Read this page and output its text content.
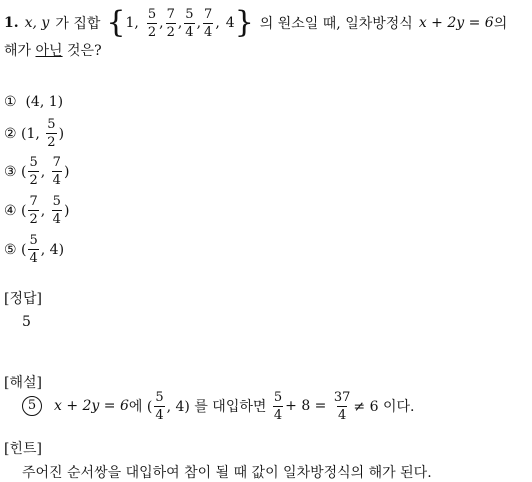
1. x, y 가 집합 { 1, $\frac{5}{2}$ , $\frac{7}{2}$ , $\frac{5}{4}$ , $\frac{7}{4}$ , 4 } 의 원소일 때, 일차방정식 x + 2y = 6 의
해가 아닌 것은?
① (4, 1)
②
(1,
$\frac{5}{2}$ )
③
( $\frac{5}{2}$ ,
$\frac{7}{4}$ )
④
( $\frac{7}{2}$ ,
$\frac{5}{4}$ )
⑤
( $\frac{5}{4}$ , 4)
[정답]
5
[해설]
5	x + 2y = 6 에 ( $\frac{5}{4}$ , 4) 를 대입하면
$\frac{5}{4} + 8$ =
$\frac{37}{4} \ne 6$ 이다.
[힌트]
주어진 순서쌍을 대입하여 참이 될 때 값이 일차방정식의 해가 된다.
